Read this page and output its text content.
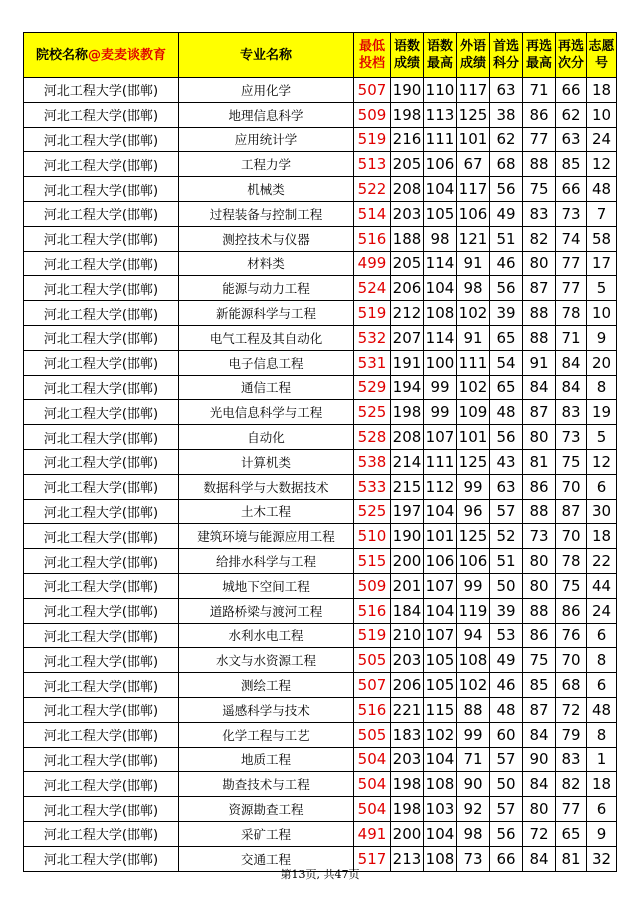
院校名称@麦麦谈教育	专业名称	最低投档	语数成绩	语数最高	外语成绩	首选科分	再选最高	再选次分	志愿号
河北工程大学(邯郸)	应用化学	507	190	110	117	63	71	66	18
河北工程大学(邯郸)	地理信息科学	509	198	113	125	38	86	62	10
河北工程大学(邯郸)	应用统计学	519	216	111	101	62	77	63	24
河北工程大学(邯郸)	工程力学	513	205	106	67	68	88	85	12
河北工程大学(邯郸)	机械类	522	208	104	117	56	75	66	48
河北工程大学(邯郸)	过程装备与控制工程	514	203	105	106	49	83	73	7
河北工程大学(邯郸)	测控技术与仪器	516	188	98	121	51	82	74	58
河北工程大学(邯郸)	材料类	499	205	114	91	46	80	77	17
河北工程大学(邯郸)	能源与动力工程	524	206	104	98	56	87	77	5
河北工程大学(邯郸)	新能源科学与工程	519	212	108	102	39	88	78	10
河北工程大学(邯郸)	电气工程及其自动化	532	207	114	91	65	88	71	9
河北工程大学(邯郸)	电子信息工程	531	191	100	111	54	91	84	20
河北工程大学(邯郸)	通信工程	529	194	99	102	65	84	84	8
河北工程大学(邯郸)	光电信息科学与工程	525	198	99	109	48	87	83	19
河北工程大学(邯郸)	自动化	528	208	107	101	56	80	73	5
河北工程大学(邯郸)	计算机类	538	214	111	125	43	81	75	12
河北工程大学(邯郸)	数据科学与大数据技术	533	215	112	99	63	86	70	6
河北工程大学(邯郸)	土木工程	525	197	104	96	57	88	87	30
河北工程大学(邯郸)	建筑环境与能源应用工程	510	190	101	125	52	73	70	18
河北工程大学(邯郸)	给排水科学与工程	515	200	106	106	51	80	78	22
河北工程大学(邯郸)	城地下空间工程	509	201	107	99	50	80	75	44
河北工程大学(邯郸)	道路桥梁与渡河工程	516	184	104	119	39	88	86	24
河北工程大学(邯郸)	水利水电工程	519	210	107	94	53	86	76	6
河北工程大学(邯郸)	水文与水资源工程	505	203	105	108	49	75	70	8
河北工程大学(邯郸)	测绘工程	507	206	105	102	46	85	68	6
河北工程大学(邯郸)	遥感科学与技术	516	221	115	88	48	87	72	48
河北工程大学(邯郸)	化学工程与工艺	505	183	102	99	60	84	79	8
河北工程大学(邯郸)	地质工程	504	203	104	71	57	90	83	1
河北工程大学(邯郸)	勘查技术与工程	504	198	108	90	50	84	82	18
河北工程大学(邯郸)	资源勘查工程	504	198	103	92	57	80	77	6
河北工程大学(邯郸)	采矿工程	491	200	104	98	56	72	65	9
河北工程大学(邯郸)	交通工程	517	213	108	73	66	84	81	32
第13页, 共47页
